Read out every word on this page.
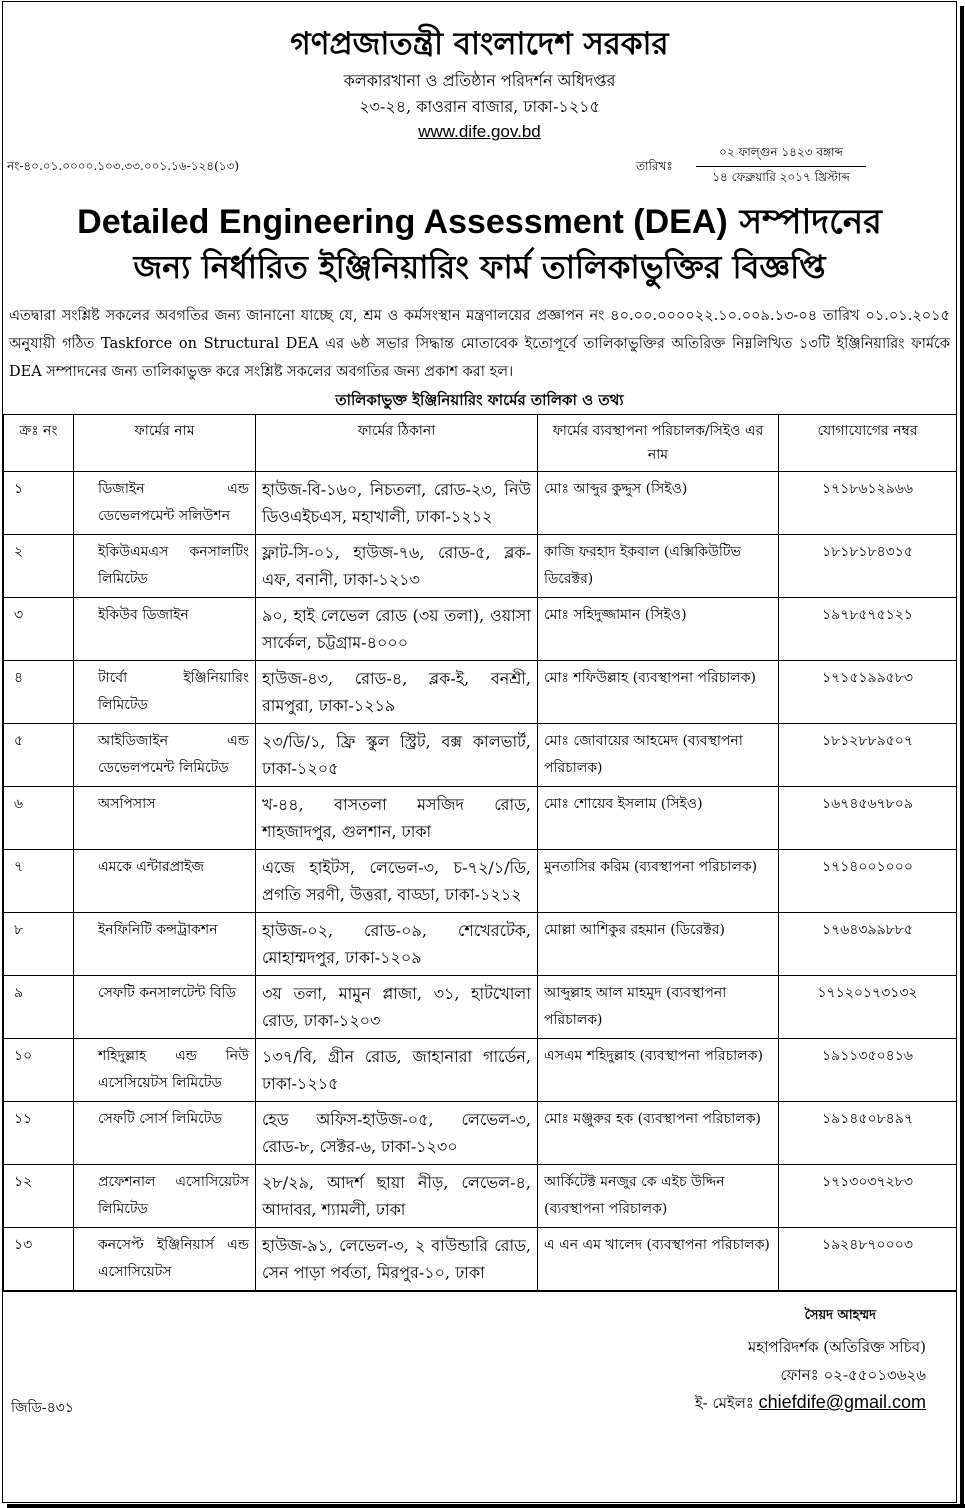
গণপ্রজাতন্ত্রী বাংলাদেশ সরকার
কলকারখানা ও প্রতিষ্ঠান পরিদর্শন অধিদপ্তর
২৩-২৪, কাওরান বাজার, ঢাকা-১২১৫
www.dife.gov.bd
নং-৪০.০১.০০০০.১০৩.৩৩.০০১.১৬-১২৪(১৩)	তারিখঃ
০২ ফাল্গুন ১৪২৩ বঙ্গাব্দ
১৪ ফেব্রুয়ারি ২০১৭ খ্রিস্টাব্দ
Detailed Engineering Assessment (DEA) সম্পাদনের
জন্য নির্ধারিত ইঞ্জিনিয়ারিং ফার্ম তালিকাভুক্তির বিজ্ঞপ্তি
এতদ্বারা সংশ্লিষ্ট সকলের অবগতির জন্য জানানো যাচ্ছে যে, শ্রম ও কর্মসংস্থান মন্ত্রণালয়ের প্রজ্ঞাপন নং ৪০.০০.০০০০২২.১০.০০৯.১৩-০৪ তারিখ ০১.০১.২০১৫ অনুযায়ী গঠিত Taskforce on Structural DEA এর ৬ষ্ঠ সভার সিদ্ধান্ত মোতাবেক ইতোপূর্বে তালিকাভুক্তির অতিরিক্ত নিম্নলিখিত ১৩টি ইঞ্জিনিয়ারিং ফার্মকে DEA সম্পাদনের জন্য তালিকাভুক্ত করে সংশ্লিষ্ট সকলের অবগতির জন্য প্রকাশ করা হল।
তালিকাভুক্ত ইঞ্জিনিয়ারিং ফার্মের তালিকা ও তথ্য
ক্রঃ নং	ফার্মের নাম	ফার্মের ঠিকানা	ফার্মের ব্যবস্থাপনা পরিচালক/সিইও এর নাম	যোগাযোগের নম্বর
১	ডিজাইন এন্ড ডেভেলপমেন্ট সলিউশন	হাউজ-বি-১৬০, নিচতলা, রোড-২৩, নিউ ডিওএইচএস, মহাখালী, ঢাকা-১২১২	মোঃ আব্দুর কুদ্দুস (সিইও)	১৭১৮৬১২৯৬৬
২	ইকিউএমএস কনসালটিং লিমিটেড	ফ্লাট-সি-০১, হাউজ-৭৬, রোড-৫, ব্লক-এফ, বনানী, ঢাকা-১২১৩	কাজি ফরহাদ ইকবাল (এক্সিকিউটিভ ডিরেক্টর)	১৮১৮১৮৪৩১৫
৩	ইকিউব ডিজাইন	৯০, হাই লেভেল রোড (৩য় তলা), ওয়াসা সার্কেল, চট্টগ্রাম-৪০০০	মোঃ সহিদুজ্জামান (সিইও)	১৯৭৮৫৭৫১২১
৪	টার্বো ইঞ্জিনিয়ারিং লিমিটেড	হাউজ-৪৩, রোড-৪, ব্লক-ই, বনশ্রী, রামপুরা, ঢাকা-১২১৯	মোঃ শফিউল্লাহ (ব্যবস্থাপনা পরিচালক)	১৭১৫১৯৯৫৮৩
৫	আইডিজাইন এন্ড ডেভেলপমেন্ট লিমিটেড	২৩/ডি/১, ফ্রি স্কুল স্ট্রিট, বক্স কালভার্ট, ঢাকা-১২০৫	মোঃ জোবায়ের আহমেদ (ব্যবস্থাপনা পরিচালক)	১৮১২৮৮৯৫০৭
৬	অসপিসাস	খ-৪৪, বাসতলা মসজিদ রোড, শাহজাদপুর, গুলশান, ঢাকা	মোঃ শোয়েব ইসলাম (সিইও)	১৬৭৪৫৬৭৮০৯
৭	এমকে এন্টারপ্রাইজ	এজে হাইটস, লেভেল-৩, চ-৭২/১/ডি, প্রগতি সরণী, উত্তরা, বাড্ডা, ঢাকা-১২১২	মুনতাসির করিম (ব্যবস্থাপনা পরিচালক)	১৭১৪০০১০০০
৮	ইনফিনিটি কন্সট্রাকশন	হাউজ-০২, রোড-০৯, শেখেরটেক, মোহাম্মদপুর, ঢাকা-১২০৯	মোল্লা আশিকুর রহমান (ডিরেক্টর)	১৭৬৪৩৯৯৮৮৫
৯	সেফটি কনসালটেন্ট বিডি	৩য় তলা, মামুন প্লাজা, ৩১, হাটখোলা রোড, ঢাকা-১২০৩	আব্দুল্লাহ আল মাহমুদ (ব্যবস্থাপনা পরিচালক)	১৭১২০১৭৩১৩২
১০	শহিদুল্লাহ এন্ড নিউ এসেসিয়েটস লিমিটেড	১৩৭/বি, গ্রীন রোড, জাহানারা গার্ডেন, ঢাকা-১২১৫	এসএম শহিদুল্লাহ (ব্যবস্থাপনা পরিচালক)	১৯১১৩৫০৪১৬
১১	সেফটি সোর্স লিমিটেড	হেড অফিস-হাউজ-০৫, লেভেল-৩, রোড-৮, সেক্টর-৬, ঢাকা-১২৩০	মোঃ মঞ্জুরুর হক (ব্যবস্থাপনা পরিচালক)	১৯১৪৫০৮৪৯৭
১২	প্রফেশনাল এসোসিয়েটস লিমিটেড	২৮/২৯, আদর্শ ছায়া নীড়, লেভেল-৪, আদাবর, শ্যামলী, ঢাকা	আর্কিটেক্ট মনজুর কে এইচ উদ্দিন (ব্যবস্থাপনা পরিচালক)	১৭১৩০৩৭২৮৩
১৩	কনসেপ্ট ইঞ্জিনিয়ার্স এন্ড এসোসিয়েটস	হাউজ-৯১, লেভেল-৩, ২ বাউন্ডারি রোড, সেন পাড়া পর্বতা, মিরপুর-১০, ঢাকা	এ এন এম খালেদ (ব্যবস্থাপনা পরিচালক)	১৯২৪৮৭০০০৩
সৈয়দ আহম্মদ
মহাপরিদর্শক (অতিরিক্ত সচিব)
ফোনঃ ০২-৫৫০১৩৬২৬
ই- মেইলঃ chiefdife@gmail.com
জিডি-৪৩১
